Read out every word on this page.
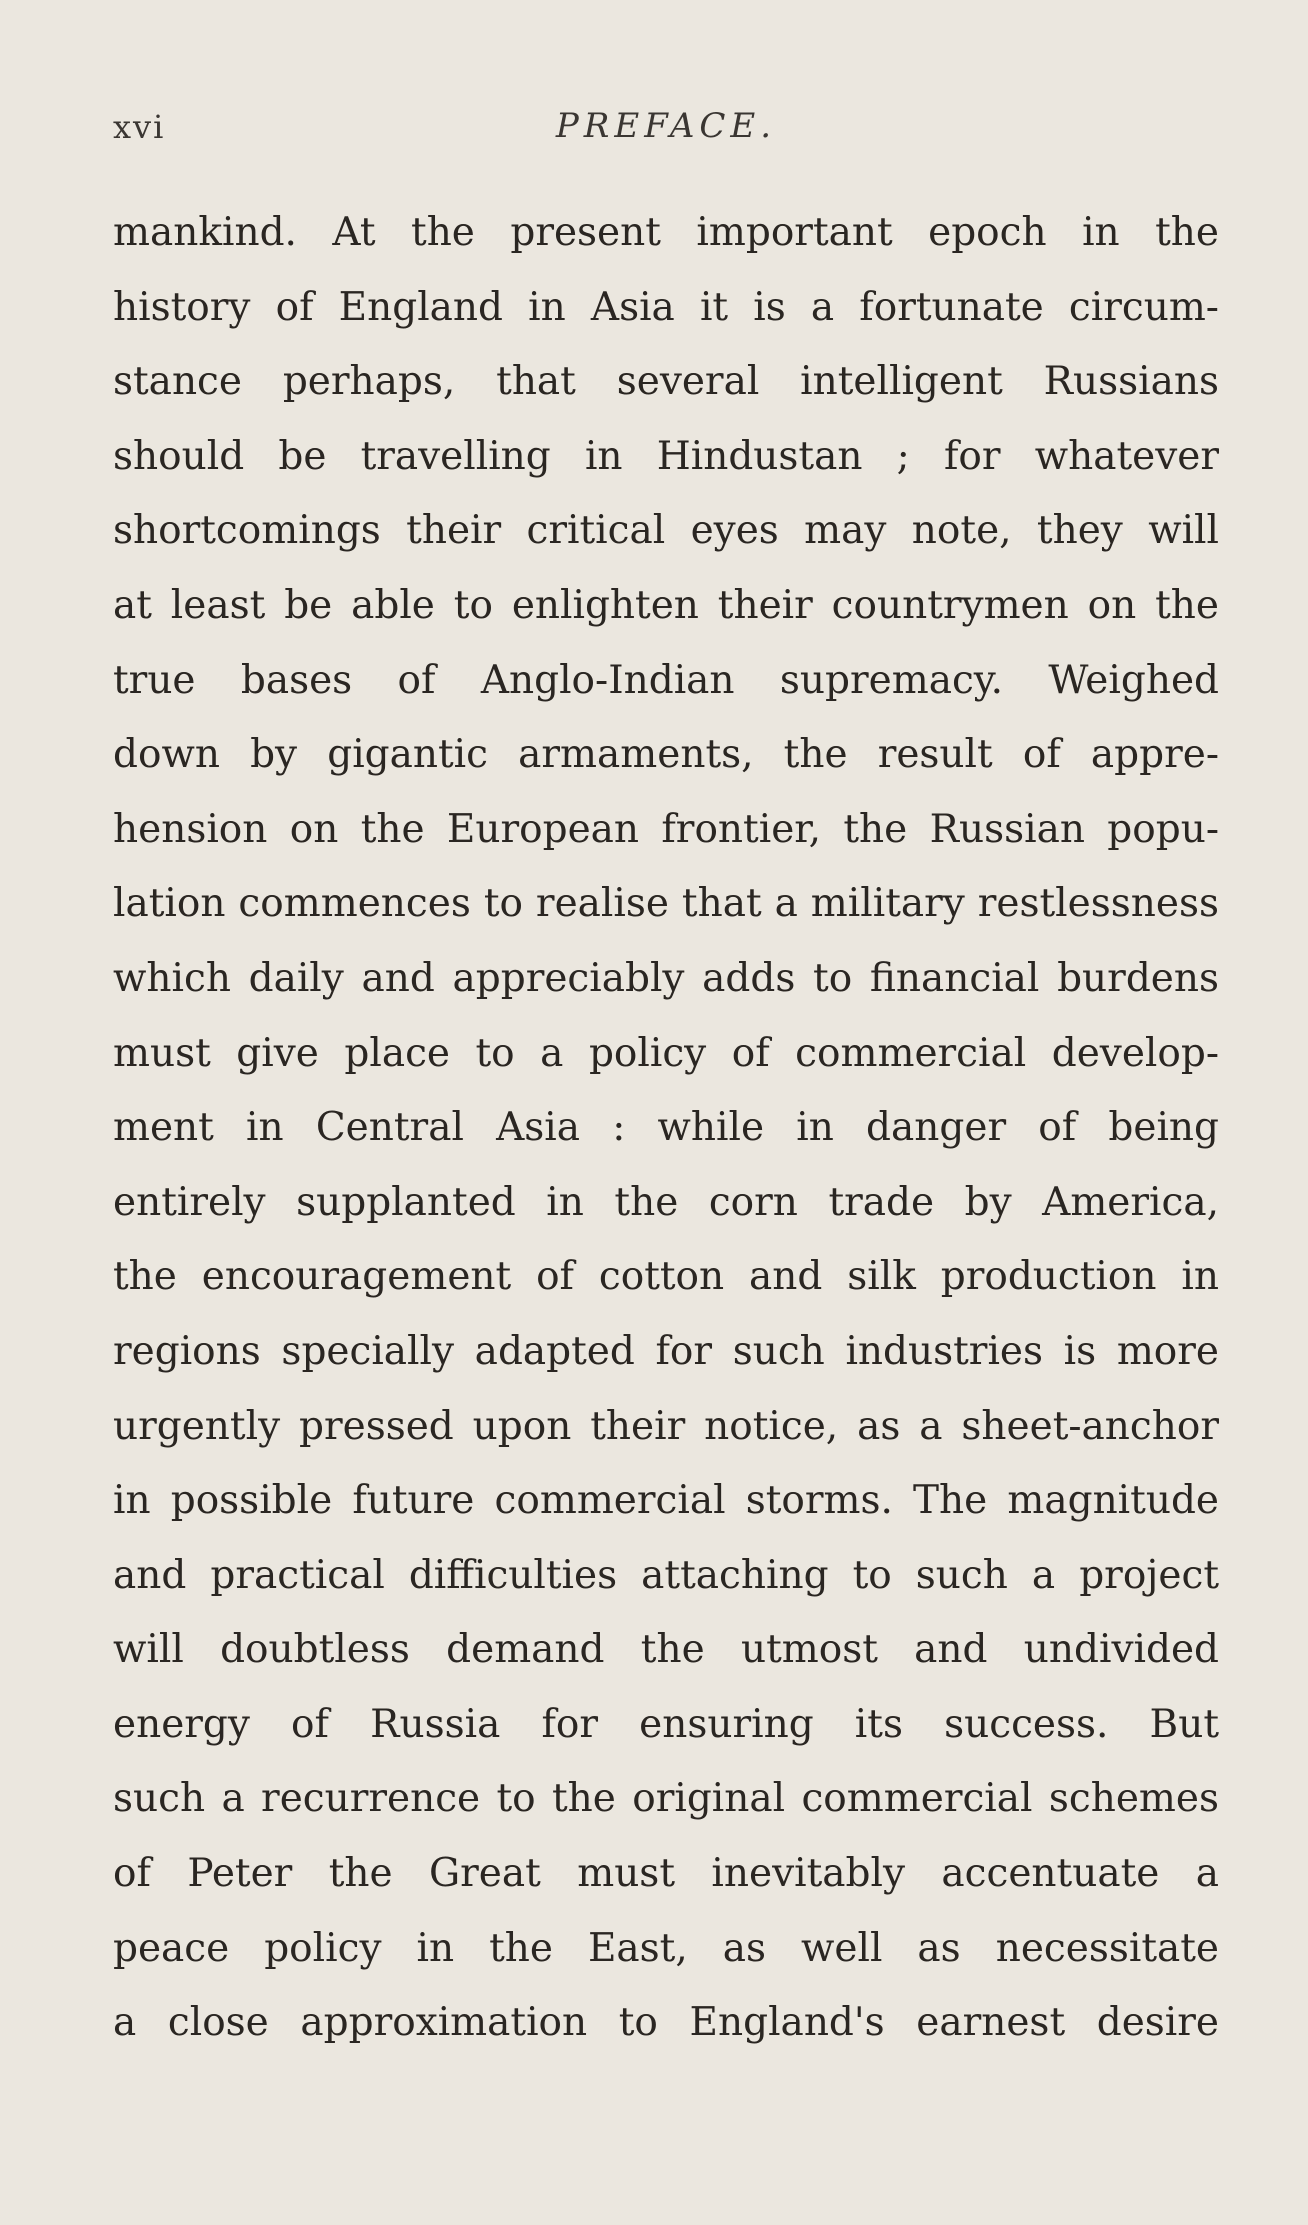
xvi	PREFACE.
mankind. At the present important epoch in the
history of England in Asia it is a fortunate circum-
stance perhaps, that several intelligent Russians
should be travelling in Hindustan ; for whatever
shortcomings their critical eyes may note, they will
at least be able to enlighten their countrymen on the
true bases of Anglo-Indian supremacy. Weighed
down by gigantic armaments, the result of appre-
hension on the European frontier, the Russian popu-
lation commences to realise that a military restlessness
which daily and appreciably adds to financial burdens
must give place to a policy of commercial develop-
ment in Central Asia : while in danger of being
entirely supplanted in the corn trade by America,
the encouragement of cotton and silk production in
regions specially adapted for such industries is more
urgently pressed upon their notice, as a sheet-anchor
in possible future commercial storms. The magnitude
and practical difficulties attaching to such a project
will doubtless demand the utmost and undivided
energy of Russia for ensuring its success. But
such a recurrence to the original commercial schemes
of Peter the Great must inevitably accentuate a
peace policy in the East, as well as necessitate
a close approximation to England's earnest desire
